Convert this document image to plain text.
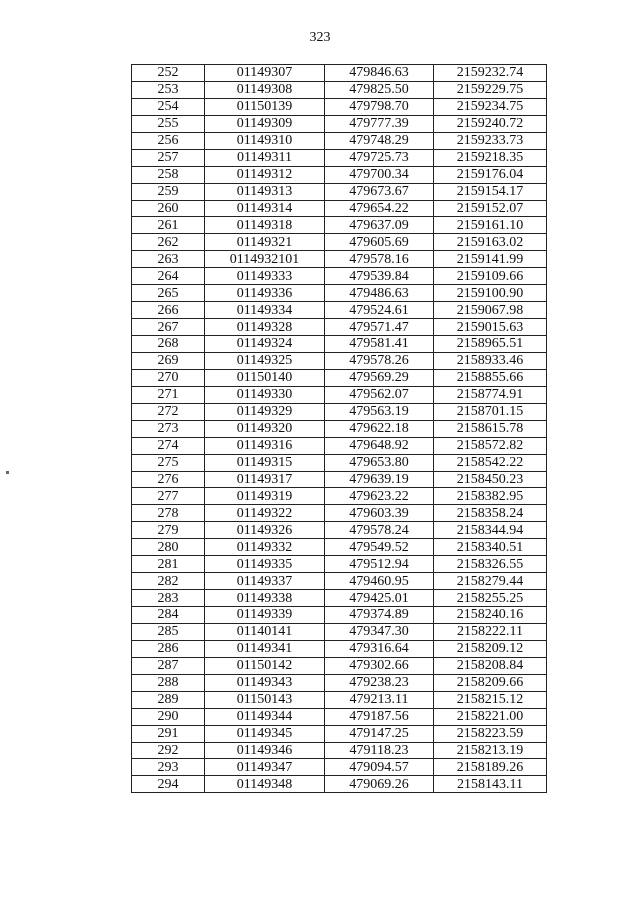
323
252	01149307	479846.63	2159232.74
253	01149308	479825.50	2159229.75
254	01150139	479798.70	2159234.75
255	01149309	479777.39	2159240.72
256	01149310	479748.29	2159233.73
257	01149311	479725.73	2159218.35
258	01149312	479700.34	2159176.04
259	01149313	479673.67	2159154.17
260	01149314	479654.22	2159152.07
261	01149318	479637.09	2159161.10
262	01149321	479605.69	2159163.02
263	0114932101	479578.16	2159141.99
264	01149333	479539.84	2159109.66
265	01149336	479486.63	2159100.90
266	01149334	479524.61	2159067.98
267	01149328	479571.47	2159015.63
268	01149324	479581.41	2158965.51
269	01149325	479578.26	2158933.46
270	01150140	479569.29	2158855.66
271	01149330	479562.07	2158774.91
272	01149329	479563.19	2158701.15
273	01149320	479622.18	2158615.78
274	01149316	479648.92	2158572.82
275	01149315	479653.80	2158542.22
276	01149317	479639.19	2158450.23
277	01149319	479623.22	2158382.95
278	01149322	479603.39	2158358.24
279	01149326	479578.24	2158344.94
280	01149332	479549.52	2158340.51
281	01149335	479512.94	2158326.55
282	01149337	479460.95	2158279.44
283	01149338	479425.01	2158255.25
284	01149339	479374.89	2158240.16
285	01140141	479347.30	2158222.11
286	01149341	479316.64	2158209.12
287	01150142	479302.66	2158208.84
288	01149343	479238.23	2158209.66
289	01150143	479213.11	2158215.12
290	01149344	479187.56	2158221.00
291	01149345	479147.25	2158223.59
292	01149346	479118.23	2158213.19
293	01149347	479094.57	2158189.26
294	01149348	479069.26	2158143.11
